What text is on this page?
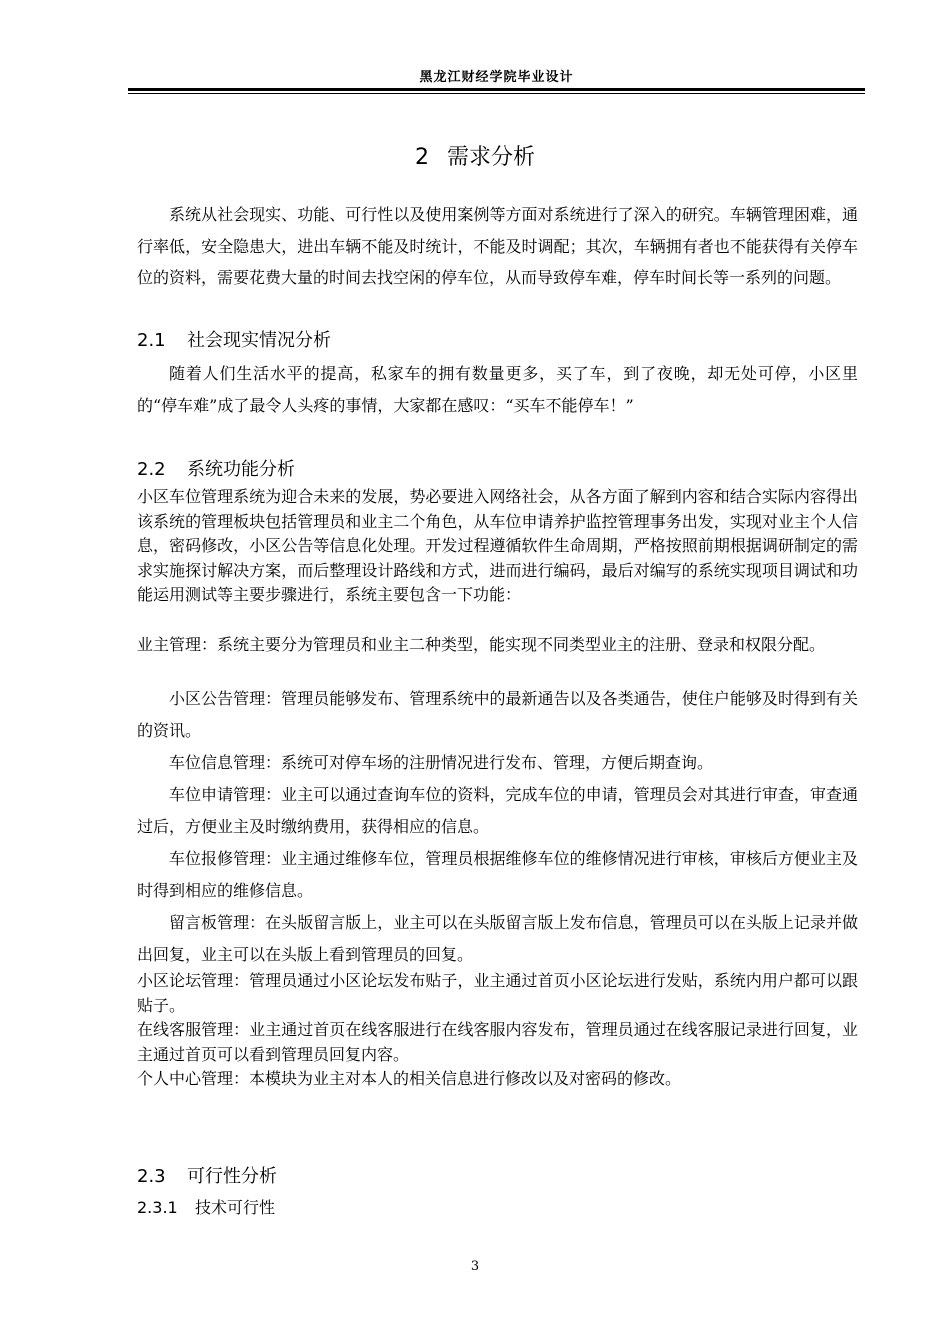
黑龙江财经学院毕业设计
2 需求分析

系统从社会现实、功能、可行性以及使用案例等方面对系统进行了深入的研究。车辆管理困难，通行率低，安全隐患大，进出车辆不能及时统计，不能及时调配；其次，车辆拥有者也不能获得有关停车位的资料，需要花费大量的时间去找空闲的停车位，从而导致停车难，停车时间长等一系列的问题。

2.1 社会现实情况分析

随着人们生活水平的提高，私家车的拥有数量更多，买了车，到了夜晚，却无处可停，小区里的“停车难”成了最令人头疼的事情，大家都在感叹：“买车不能停车！”

2.2 系统功能分析

小区车位管理系统为迎合未来的发展，势必要进入网络社会，从各方面了解到内容和结合实际内容得出该系统的管理板块包括管理员和业主二个角色，从车位申请养护监控管理事务出发，实现对业主个人信息，密码修改，小区公告等信息化处理。开发过程遵循软件生命周期，严格按照前期根据调研制定的需求实施探讨解决方案，而后整理设计路线和方式，进而进行编码，最后对编写的系统实现项目调试和功能运用测试等主要步骤进行，系统主要包含一下功能：

业主管理：系统主要分为管理员和业主二种类型，能实现不同类型业主的注册、登录和权限分配。

小区公告管理：管理员能够发布、管理系统中的最新通告以及各类通告，使住户能够及时得到有关的资讯。

车位信息管理：系统可对停车场的注册情况进行发布、管理，方便后期查询。

车位申请管理：业主可以通过查询车位的资料，完成车位的申请，管理员会对其进行审查，审查通过后，方便业主及时缴纳费用，获得相应的信息。

车位报修管理：业主通过维修车位，管理员根据维修车位的维修情况进行审核，审核后方便业主及时得到相应的维修信息。

留言板管理：在头版留言版上，业主可以在头版留言版上发布信息，管理员可以在头版上记录并做出回复，业主可以在头版上看到管理员的回复。

小区论坛管理：管理员通过小区论坛发布贴子，业主通过首页小区论坛进行发贴，系统内用户都可以跟贴子。

在线客服管理：业主通过首页在线客服进行在线客服内容发布，管理员通过在线客服记录进行回复，业主通过首页可以看到管理员回复内容。

个人中心管理：本模块为业主对本人的相关信息进行修改以及对密码的修改。

2.3 可行性分析
2.3.1 技术可行性
3
